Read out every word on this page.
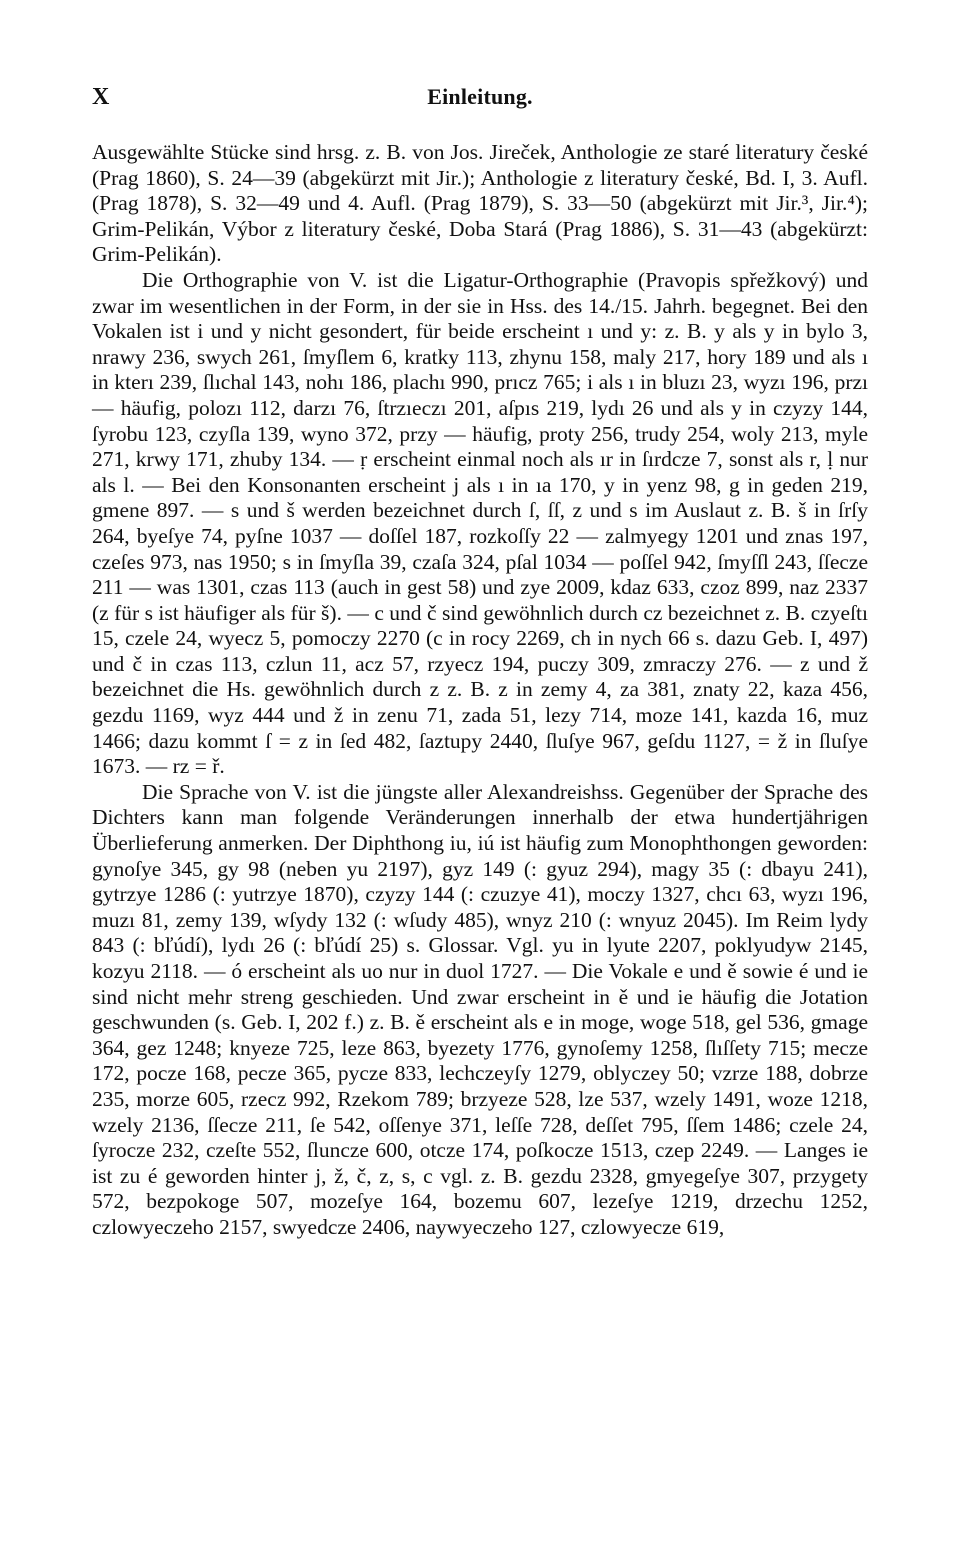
X	Einleitung.

Ausgewählte Stücke sind hrsg. z. B. von Jos. Jireček, Anthologie ze staré literatury české (Prag 1860), S. 24—39 (abgekürzt mit Jir.); Anthologie z literatury české, Bd. I, 3. Aufl. (Prag 1878), S. 32—49 und 4. Aufl. (Prag 1879), S. 33—50 (abgekürzt mit Jir.³, Jir.⁴); Grim-Pelikán, Výbor z literatury české, Doba Stará (Prag 1886), S. 31—43 (abgekürzt: Grim-Pelikán).

Die Orthographie von V. ist die Ligatur-Orthographie (Pravopis spřežkový) und zwar im wesentlichen in der Form, in der sie in Hss. des 14./15. Jahrh. begegnet. Bei den Vokalen ist i und y nicht gesondert, für beide erscheint ı und y: z. B. y als y in bylo 3, nrawy 236, swych 261, ſmyſlem 6, kratky 113, zhynu 158, maly 217, hory 189 und als ı in kterı 239, ſlıchal 143, nohı 186, plachı 990, prıcz 765; i als ı in bluzı 23, wyzı 196, przı — häufig, polozı 112, darzı 76, ſtrzıeczı 201, aſpıs 219, lydı 26 und als y in czyzy 144, ſyrobu 123, czyſla 139, wyno 372, przy — häufig, proty 256, trudy 254, woly 213, myle 271, krwy 171, zhuby 134. — ṛ erscheint einmal noch als ır in ſırdcze 7, sonst als r, ḷ nur als l. — Bei den Konsonanten erscheint j als ı in ıa 170, y in yenz 98, g in geden 219, gmene 897. — s und š werden bezeichnet durch ſ, ſſ, z und s im Auslaut z. B. š in ſrſy 264, byeſye 74, pyſne 1037 — doſſel 187, rozkoſſy 22 — zalmyegy 1201 und znas 197, czeſes 973, nas 1950; s in ſmyſla 39, czaſa 324, pſal 1034 — poſſel 942, ſmyſſl 243, ſſecze 211 — was 1301, czas 113 (auch in gest 58) und zye 2009, kdaz 633, czoz 899, naz 2337 (z für s ist häufiger als für š). — c und č sind gewöhnlich durch cz bezeichnet z. B. czyeſtı 15, czele 24, wyecz 5, pomoczy 2270 (c in rocy 2269, ch in nych 66 s. dazu Geb. I, 497) und č in czas 113, czlun 11, acz 57, rzyecz 194, puczy 309, zmraczy 276. — z und ž bezeichnet die Hs. gewöhnlich durch z z. B. z in zemy 4, za 381, znaty 22, kaza 456, gezdu 1169, wyz 444 und ž in zenu 71, zada 51, lezy 714, moze 141, kazda 16, muz 1466; dazu kommt ſ = z in ſed 482, ſaztupy 2440, ſluſye 967, geſdu 1127, = ž in ſluſye 1673. — rz = ř.

Die Sprache von V. ist die jüngste aller Alexandreishss. Gegenüber der Sprache des Dichters kann man folgende Veränderungen innerhalb der etwa hundertjährigen Überlieferung anmerken. Der Diphthong iu, iú ist häufig zum Monophthongen geworden: gynoſye 345, gy 98 (neben yu 2197), gyz 149 (: gyuz 294), magy 35 (: dbayu 241), gytrzye 1286 (: yutrzye 1870), czyzy 144 (: czuzye 41), moczy 1327, chcı 63, wyzı 196, muzı 81, zemy 139, wſydy 132 (: wſudy 485), wnyz 210 (: wnyuz 2045). Im Reim lydy 843 (: bľúdí), lydı 26 (: bľúdí 25) s. Glossar. Vgl. yu in lyute 2207, poklyudyw 2145, kozyu 2118. — ó erscheint als uo nur in duol 1727. — Die Vokale e und ě sowie é und ie sind nicht mehr streng geschieden. Und zwar erscheint in ě und ie häufig die Jotation geschwunden (s. Geb. I, 202 f.) z. B. ě erscheint als e in moge, woge 518, gel 536, gmage 364, gez 1248; knyeze 725, leze 863, byezety 1776, gynoſemy 1258, ſlıſſety 715; mecze 172, pocze 168, pecze 365, pycze 833, lechczeyſy 1279, oblyczey 50; vzrze 188, dobrze 235, morze 605, rzecz 992, Rzekom 789; brzyeze 528, lze 537, wzely 1491, woze 1218, wzely 2136, ſſecze 211, ſe 542, oſſenye 371, leſſe 728, deſſet 795, ſſem 1486; czele 24, ſyrocze 232, czeſte 552, ſluncze 600, otcze 174, poſkocze 1513, czep 2249. — Langes ie ist zu é geworden hinter j, ž, č, z, s, c vgl. z. B. gezdu 2328, gmyegeſye 307, przygety 572, bezpokoge 507, mozeſye 164, bozemu 607, lezeſye 1219, drzechu 1252, czlowyeczeho 2157, swyedcze 2406, naywyeczeho 127, czlowyecze 619,
